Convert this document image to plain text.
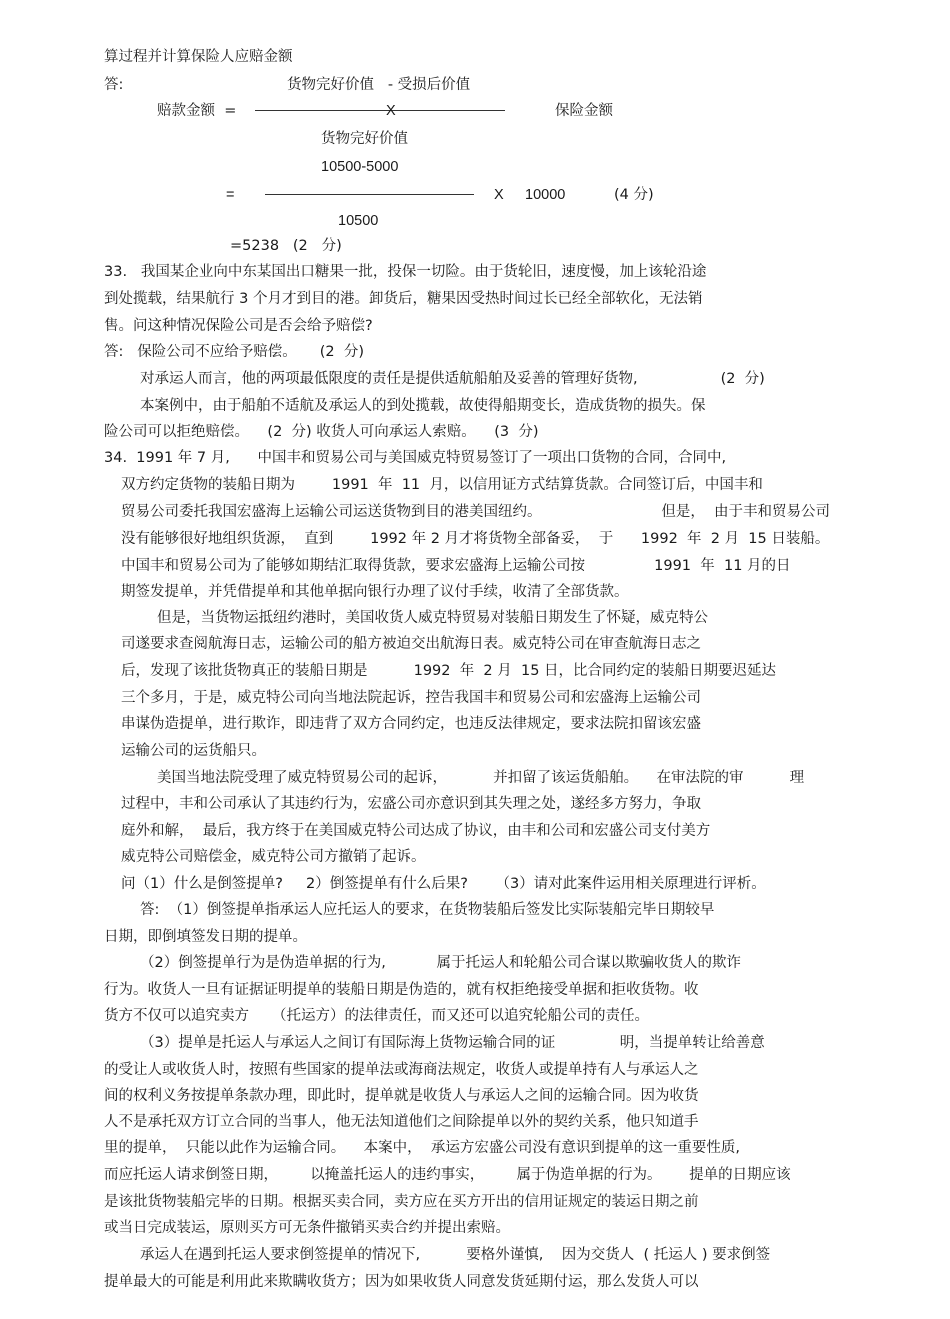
算过程并计算保险人应赔金额
答:	货物完好价值   - 受损后价值
赔款金额  =	X	保险金额
货物完好价值
10500-5000
=	X 10000	(4 分)
10500
=5238   (2   分)
33.   我国某企业向中东某国出口糖果一批，投保一切险。由于货轮旧，速度慢，加上该轮沿途
到处揽载，结果航行 3 个月才到目的港。卸货后，糖果因受热时间过长已经全部软化，无法销
售。问这种情况保险公司是否会给予赔偿?
答:   保险公司不应给予赔偿。     (2  分)
对承运人而言，他的两项最低限度的责任是提供适航船舶及妥善的管理好货物,                  (2  分)
本案例中，由于船舶不适航及承运人的到处揽载，故使得船期变长，造成货物的损失。保
险公司可以拒绝赔偿。    (2  分) 收货人可向承运人索赔。    (3  分)
34.  1991 年 7 月,      中国丰和贸易公司与美国威克特贸易签订了一项出口货物的合同，合同中,
双方约定货物的装船日期为        1991  年  11  月，以信用证方式结算货款。合同签订后，中国丰和
贸易公司委托我国宏盛海上运输公司运送货物到目的港美国纽约。                          但是，  由于丰和贸易公司
没有能够很好地组织货源，  直到        1992 年 2 月才将货物全部备妥，  于      1992  年  2 月  15 日装船。
中国丰和贸易公司为了能够如期结汇取得货款，要求宏盛海上运输公司按               1991  年  11 月的日
期签发提单，并凭借提单和其他单据向银行办理了议付手续，收清了全部货款。
但是，当货物运抵纽约港时，美国收货人威克特贸易对装船日期发生了怀疑，威克特公
司遂要求查阅航海日志，运输公司的船方被迫交出航海日表。威克特公司在审查航海日志之
后，发现了该批货物真正的装船日期是          1992  年  2 月  15 日，比合同约定的装船日期要迟延达
三个多月，于是，威克特公司向当地法院起诉，控告我国丰和贸易公司和宏盛海上运输公司
串谋伪造提单，进行欺诈，即违背了双方合同约定，也违反法律规定，要求法院扣留该宏盛
运输公司的运货船只。
美国当地法院受理了威克特贸易公司的起诉，          并扣留了该运货船舶。    在审法院的审          理
过程中，丰和公司承认了其违约行为，宏盛公司亦意识到其失理之处，遂经多方努力，争取
庭外和解，  最后，我方终于在美国威克特公司达成了协议，由丰和公司和宏盛公司支付美方
威克特公司赔偿金，威克特公司方撤销了起诉。
问（1）什么是倒签提单?     2）倒签提单有什么后果?      （3）请对此案件运用相关原理进行评析。
答:  （1）倒签提单指承运人应托运人的要求，在货物装船后签发比实际装船完毕日期较早
日期，即倒填签发日期的提单。
（2）倒签提单行为是伪造单据的行为,           属于托运人和轮船公司合谋以欺骗收货人的欺诈
行为。收货人一旦有证据证明提单的装船日期是伪造的，就有权拒绝接受单据和拒收货物。收
货方不仅可以追究卖方     （托运方）的法律责任，而又还可以追究轮船公司的责任。
（3）提单是托运人与承运人之间订有国际海上货物运输合同的证              明，当提单转让给善意
的受让人或收货人时，按照有些国家的提单法或海商法规定，收货人或提单持有人与承运人之
间的权利义务按提单条款办理，即此时，提单就是收货人与承运人之间的运输合同。因为收货
人不是承托双方订立合同的当事人，他无法知道他们之间除提单以外的契约关系，他只知道手
里的提单，  只能以此作为运输合同。    本案中，  承运方宏盛公司没有意识到提单的这一重要性质,
而应托运人请求倒签日期，       以掩盖托运人的违约事实，       属于伪造单据的行为。      提单的日期应该
是该批货物装船完毕的日期。根据买卖合同，卖方应在买方开出的信用证规定的装运日期之前
或当日完成装运，原则买方可无条件撤销买卖合约并提出索赔。
承运人在遇到托运人要求倒签提单的情况下,          要格外谨慎,    因为交货人  ( 托运人 ) 要求倒签
提单最大的可能是利用此来欺瞒收货方；因为如果收货人同意发货延期付运，那么发货人可以
